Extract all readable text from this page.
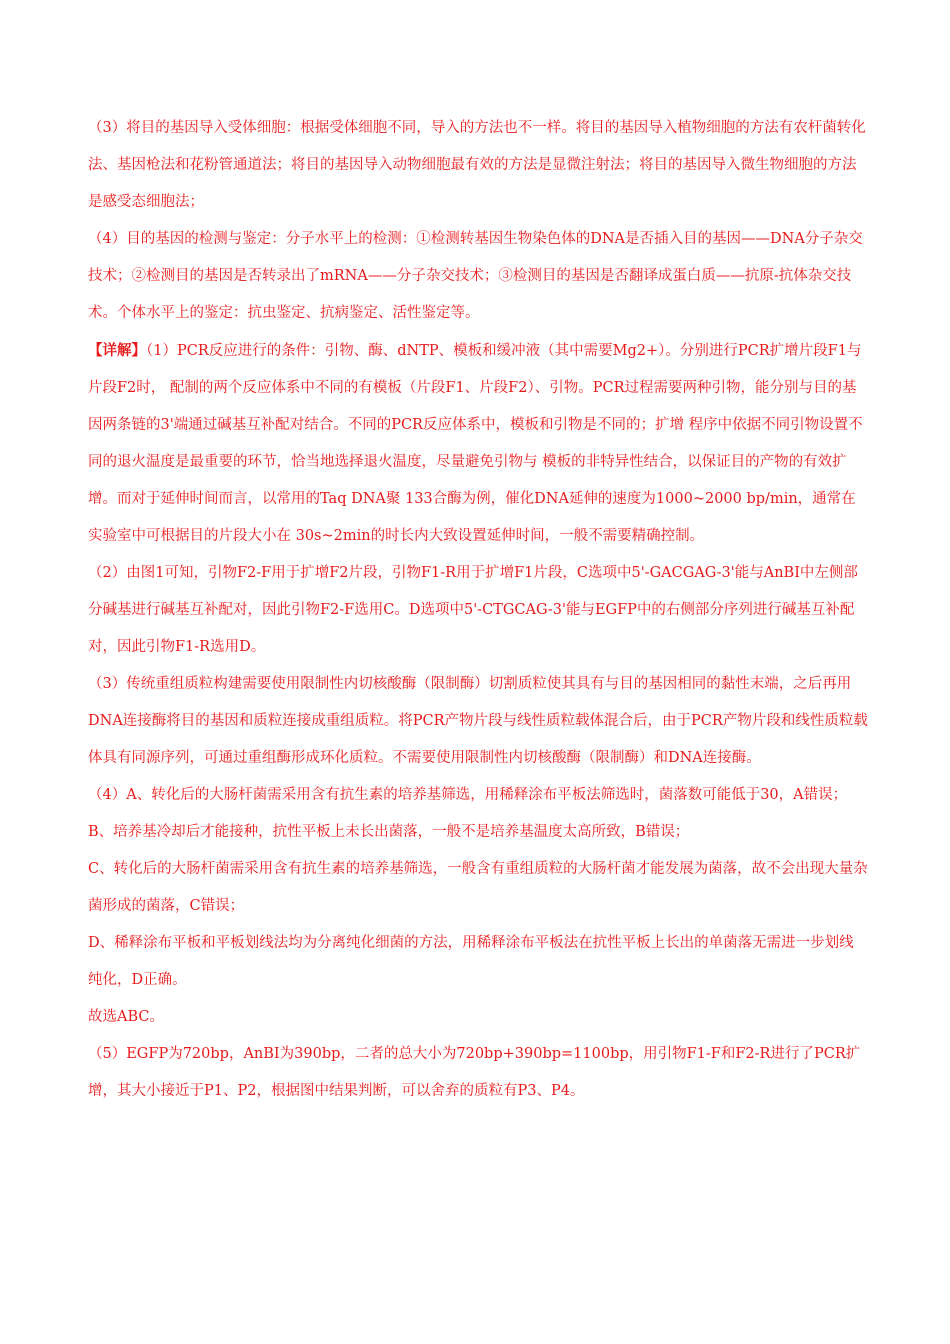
（3）将目的基因导入受体细胞：根据受体细胞不同，导入的方法也不一样。将目的基因导入植物细胞的方法有农杆菌转化法、基因枪法和花粉管通道法；将目的基因导入动物细胞最有效的方法是显微注射法；将目的基因导入微生物细胞的方法是感受态细胞法；

（4）目的基因的检测与鉴定：分子水平上的检测：①检测转基因生物染色体的DNA是否插入目的基因——DNA分子杂交技术；②检测目的基因是否转录出了mRNA——分子杂交技术；③检测目的基因是否翻译成蛋白质——抗原-抗体杂交技术。个体水平上的鉴定：抗虫鉴定、抗病鉴定、活性鉴定等。

【详解】（1）PCR反应进行的条件：引物、酶、dNTP、模板和缓冲液（其中需要Mg2+）。分别进行PCR扩增片段F1与片段F2时， 配制的两个反应体系中不同的有模板（片段F1、片段F2）、引物。PCR过程需要两种引物，能分别与目的基因两条链的3'端通过碱基互补配对结合。不同的PCR反应体系中，模板和引物是不同的；扩增 程序中依据不同引物设置不同的退火温度是最重要的环节，恰当地选择退火温度，尽量避免引物与 模板的非特异性结合，以保证目的产物的有效扩增。而对于延伸时间而言，以常用的Taq DNA聚 133合酶为例，催化DNA延伸的速度为1000~2000 bp/min，通常在实验室中可根据目的片段大小在 30s~2min的时长内大致设置延伸时间，一般不需要精确控制。

（2）由图1可知，引物F2-F用于扩增F2片段，引物F1-R用于扩增F1片段，C选项中5'-GACGAG-3'能与AnBI中左侧部分碱基进行碱基互补配对，因此引物F2-F选用C。D选项中5'-CTGCAG-3'能与EGFP中的右侧部分序列进行碱基互补配对，因此引物F1-R选用D。

（3）传统重组质粒构建需要使用限制性内切核酸酶（限制酶）切割质粒使其具有与目的基因相同的黏性末端，之后再用DNA连接酶将目的基因和质粒连接成重组质粒。将PCR产物片段与线性质粒载体混合后，由于PCR产物片段和线性质粒载体具有同源序列，可通过重组酶形成环化质粒。不需要使用限制性内切核酸酶（限制酶）和DNA连接酶。

（4）A、转化后的大肠杆菌需采用含有抗生素的培养基筛选，用稀释涂布平板法筛选时，菌落数可能低于30，A错误；

B、培养基冷却后才能接种，抗性平板上未长出菌落，一般不是培养基温度太高所致，B错误；

C、转化后的大肠杆菌需采用含有抗生素的培养基筛选，一般含有重组质粒的大肠杆菌才能发展为菌落，故不会出现大量杂菌形成的菌落，C错误；

D、稀释涂布平板和平板划线法均为分离纯化细菌的方法，用稀释涂布平板法在抗性平板上长出的单菌落无需进一步划线纯化，D正确。

故选ABC。

（5）EGFP为720bp，AnBI为390bp，二者的总大小为720bp+390bp=1100bp，用引物F1-F和F2-R进行了PCR扩增，其大小接近于P1、P2，根据图中结果判断，可以舍弃的质粒有P3、P4。
